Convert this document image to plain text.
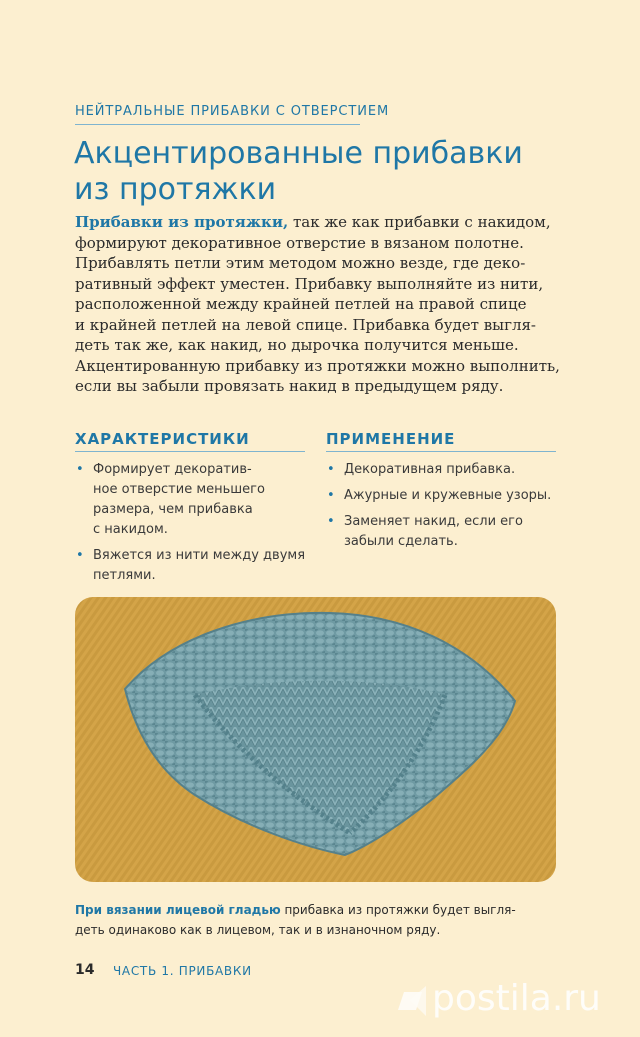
НЕЙТРАЛЬНЫЕ ПРИБАВКИ С ОТВЕРСТИЕМ
Акцентированные прибавки
из протяжки
Прибавки из протяжки, так же как прибавки с накидом,
формируют декоративное отверстие в вязаном полотне.
Прибавлять петли этим методом можно везде, где деко-
ративный эффект уместен. Прибавку выполняйте из нити,
расположенной между крайней петлей на правой спице
и крайней петлей на левой спице. Прибавка будет выгля-
деть так же, как накид, но дырочка получится меньше.
Акцентированную прибавку из протяжки можно выполнить,
если вы забыли провязать накид в предыдущем ряду.
ХАРАКТЕРИСТИКИ
• Формирует декоратив-
ное отверстие меньшего
размера, чем прибавка
с накидом.
• Вяжется из нити между двумя
петлями.
ПРИМЕНЕНИЕ
• Декоративная прибавка.
• Ажурные и кружевные узоры.
• Заменяет накид, если его
забыли сделать.
При вязании лицевой гладью прибавка из протяжки будет выгля-
деть одинаково как в лицевом, так и в изнаночном ряду.
14 ЧАСТЬ 1. ПРИБАВКИ
postila.ru
